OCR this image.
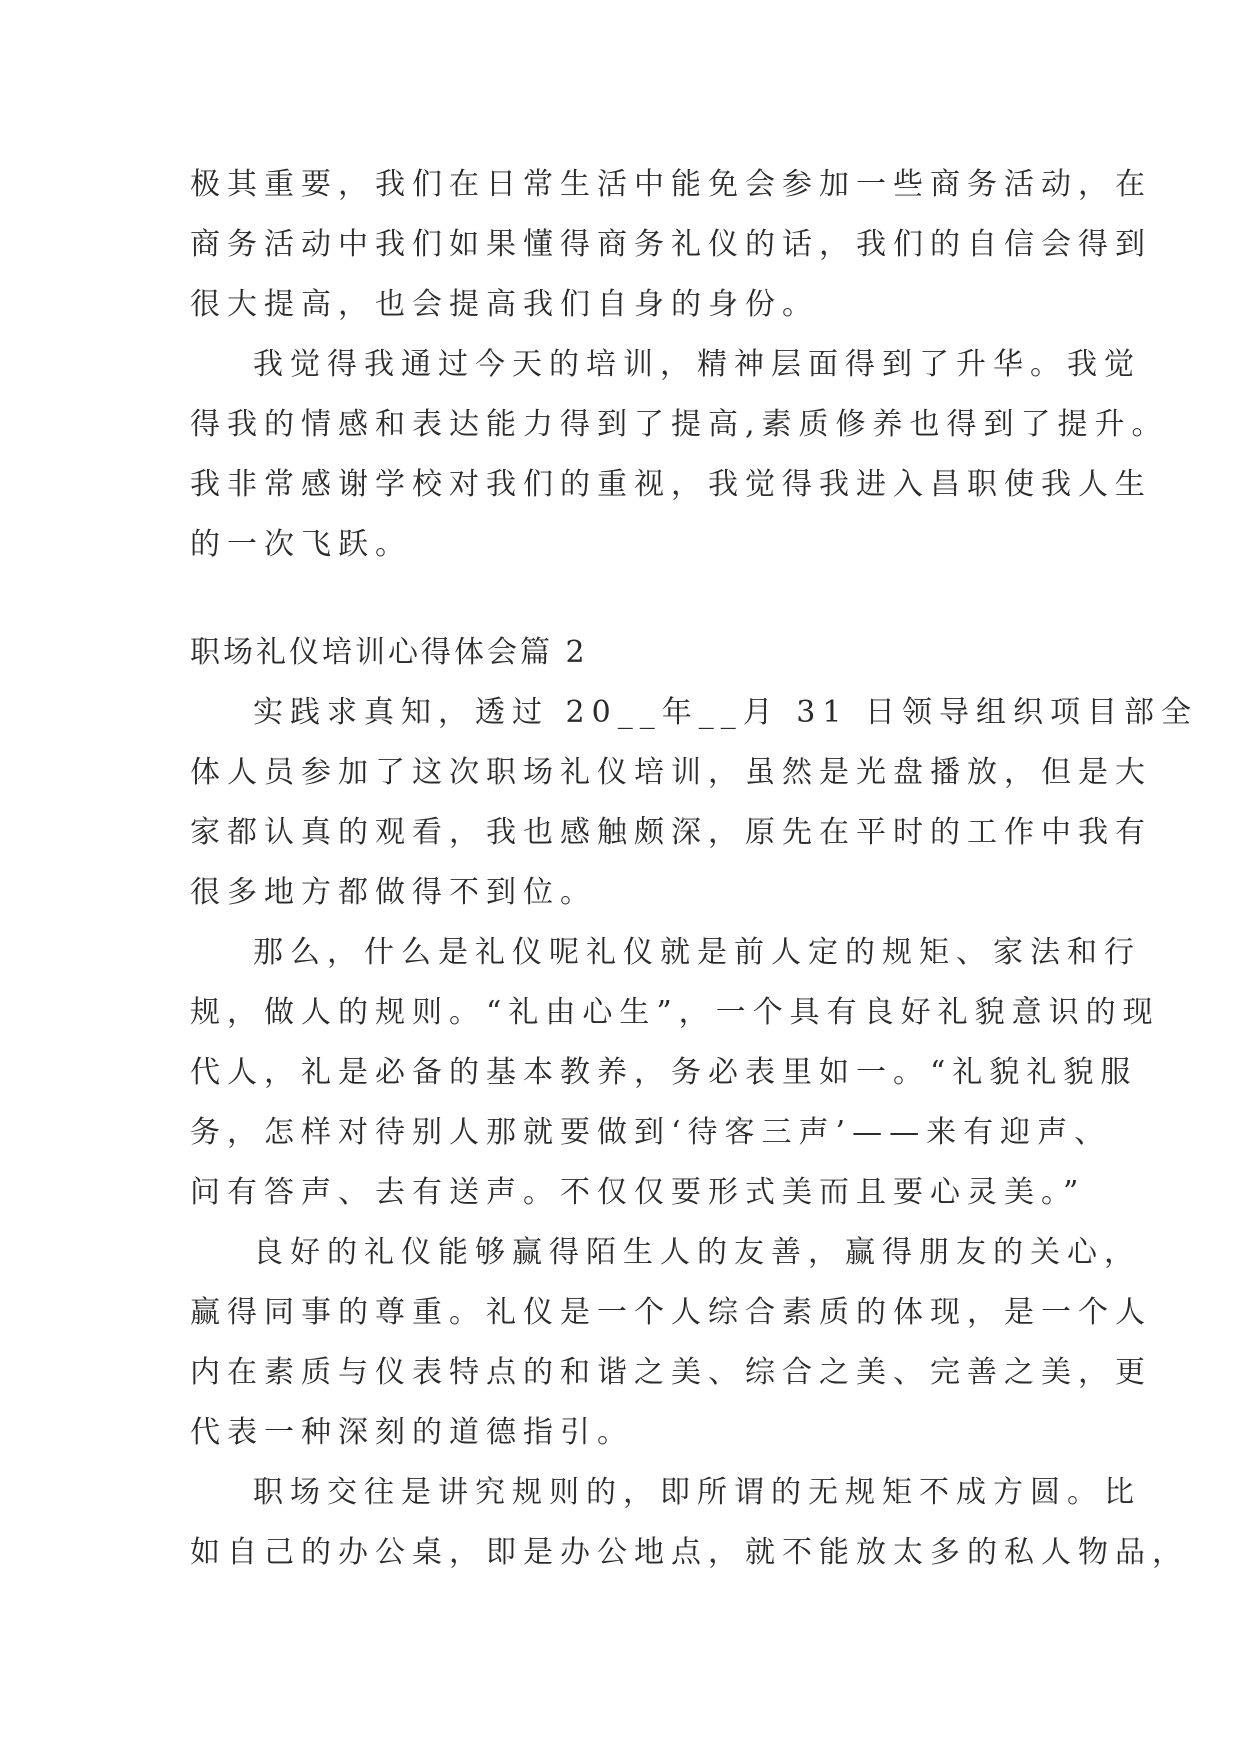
极其重要，我们在日常生活中能免会参加一些商务活动，在
商务活动中我们如果懂得商务礼仪的话，我们的自信会得到
很大提高，也会提高我们自身的身份。
我觉得我通过今天的培训，精神层面得到了升华。我觉
得我的情感和表达能力得到了提高,素质修养也得到了提升。
我非常感谢学校对我们的重视，我觉得我进入昌职使我人生
的一次飞跃。
职场礼仪培训心得体会篇 2
实践求真知，透过 20__年__月 31 日领导组织项目部全
体人员参加了这次职场礼仪培训，虽然是光盘播放，但是大
家都认真的观看，我也感触颇深，原先在平时的工作中我有
很多地方都做得不到位。
那么，什么是礼仪呢礼仪就是前人定的规矩、家法和行
规，做人的规则。“礼由心生”，一个具有良好礼貌意识的现
代人，礼是必备的基本教养，务必表里如一。“礼貌礼貌服
务，怎样对待别人那就要做到‘待客三声’——来有迎声、
问有答声、去有送声。不仅仅要形式美而且要心灵美。”
良好的礼仪能够赢得陌生人的友善，赢得朋友的关心，
赢得同事的尊重。礼仪是一个人综合素质的体现，是一个人
内在素质与仪表特点的和谐之美、综合之美、完善之美，更
代表一种深刻的道德指引。
职场交往是讲究规则的，即所谓的无规矩不成方圆。比
如自己的办公桌，即是办公地点，就不能放太多的私人物品，
